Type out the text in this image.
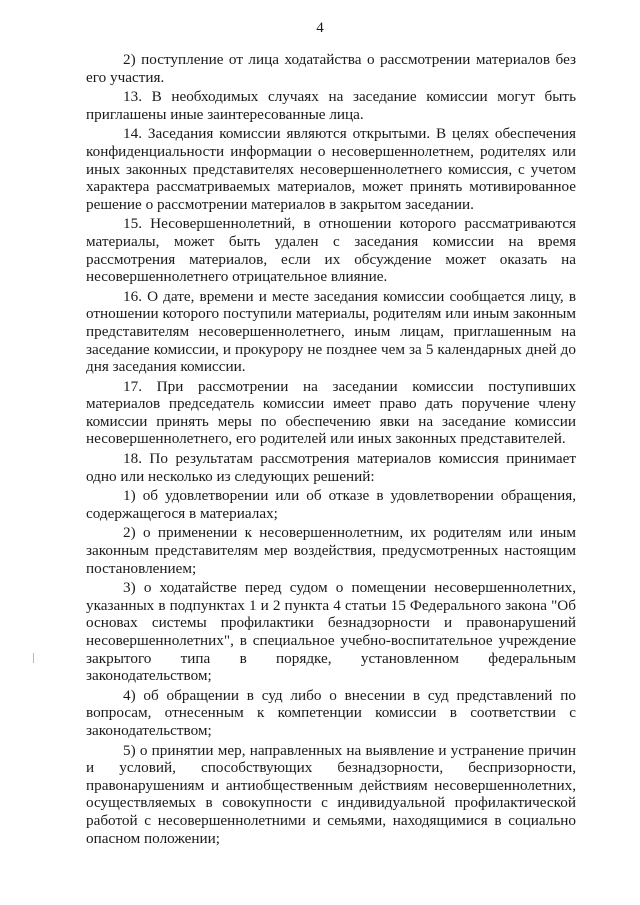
4

2) поступление от лица ходатайства о рассмотрении материалов без его участия.

13. В необходимых случаях на заседание комиссии могут быть приглашены иные заинтересованные лица.

14. Заседания комиссии являются открытыми. В целях обеспечения конфиденциальности информации о несовершеннолетнем, родителях или иных законных представителях несовершеннолетнего комиссия, с учетом характера рассматриваемых материалов, может принять мотивированное решение о рассмотрении материалов в закрытом заседании.

15. Несовершеннолетний, в отношении которого рассматриваются материалы, может быть удален с заседания комиссии на время рассмотрения материалов, если их обсуждение может оказать на несовершеннолетнего отрицательное влияние.

16. О дате, времени и месте заседания комиссии сообщается лицу, в отношении которого поступили материалы, родителям или иным законным представителям несовершеннолетнего, иным лицам, приглашенным на заседание комиссии, и прокурору не позднее чем за 5 календарных дней до дня заседания комиссии.

17. При рассмотрении на заседании комиссии поступивших материалов председатель комиссии имеет право дать поручение члену комиссии принять меры по обеспечению явки на заседание комиссии несовершеннолетнего, его родителей или иных законных представителей.

18. По результатам рассмотрения материалов комиссия принимает одно или несколько из следующих решений:

1) об удовлетворении или об отказе в удовлетворении обращения, содержащегося в материалах;

2) о применении к несовершеннолетним, их родителям или иным законным представителям мер воздействия, предусмотренных настоящим постановлением;

3) о ходатайстве перед судом о помещении несовершеннолетних, указанных в подпунктах 1 и 2 пункта 4 статьи 15 Федерального закона "Об основах системы профилактики безнадзорности и правонарушений несовершеннолетних", в специальное учебно-воспитательное учреждение закрытого типа в порядке, установленном федеральным законодательством;

4) об обращении в суд либо о внесении в суд представлений по вопросам, отнесенным к компетенции комиссии в соответствии с законодательством;

5) о принятии мер, направленных на выявление и устранение причин и условий, способствующих безнадзорности, беспризорности, правонарушениям и антиобщественным действиям несовершеннолетних, осуществляемых в совокупности с индивидуальной профилактической работой с несовершеннолетними и семьями, находящимися в социально опасном положении;
